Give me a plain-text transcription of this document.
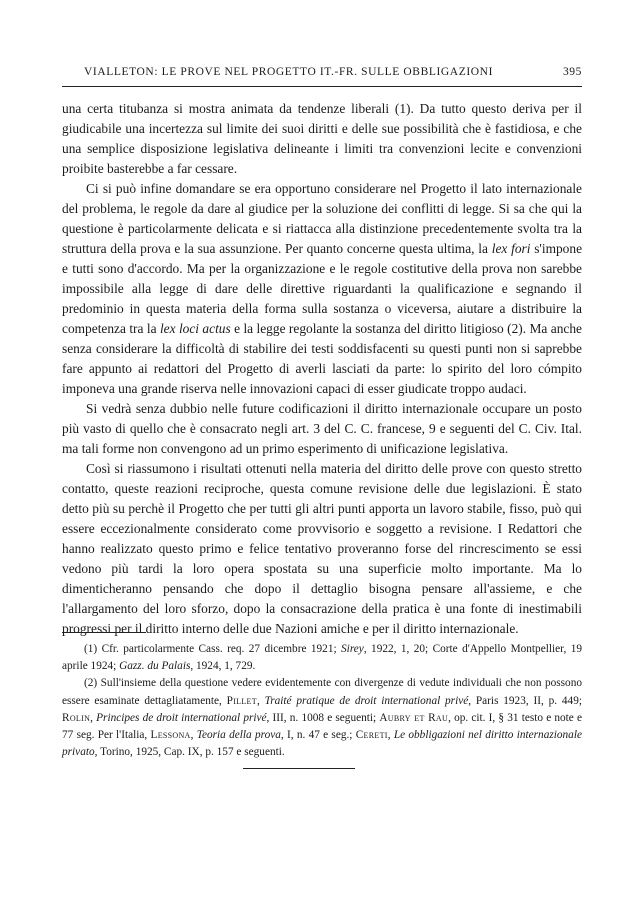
VIALLETON: LE PROVE NEL PROGETTO IT.-FR. SULLE OBBLIGAZIONI	395

una certa titubanza si mostra animata da tendenze liberali (1). Da tutto questo deriva per il giudicabile una incertezza sul limite dei suoi diritti e delle sue possibilità che è fastidiosa, e che una semplice disposizione legislativa delineante i limiti tra convenzioni lecite e convenzioni proibite basterebbe a far cessare.

Ci si può infine domandare se era opportuno considerare nel Progetto il lato internazionale del problema, le regole da dare al giudice per la soluzione dei conflitti di legge. Si sa che qui la questione è particolarmente delicata e si riattacca alla distinzione precedentemente svolta tra la struttura della prova e la sua assunzione. Per quanto concerne questa ultima, la lex fori s'impone e tutti sono d'accordo. Ma per la organizzazione e le regole costitutive della prova non sarebbe impossibile alla legge di dare delle direttive riguardanti la qualificazione e segnando il predominio in questa materia della forma sulla sostanza o viceversa, aiutare a distribuire la competenza tra la lex loci actus e la legge regolante la sostanza del diritto litigioso (2). Ma anche senza considerare la difficoltà di stabilire dei testi soddisfacenti su questi punti non si saprebbe fare appunto ai redattori del Progetto di averli lasciati da parte: lo spirito del loro cómpito imponeva una grande riserva nelle innovazioni capaci di esser giudicate troppo audaci.

Si vedrà senza dubbio nelle future codificazioni il diritto internazionale occupare un posto più vasto di quello che è consacrato negli art. 3 del C. C. francese, 9 e seguenti del C. Civ. Ital. ma tali forme non convengono ad un primo esperimento di unificazione legislativa.

Così si riassumono i risultati ottenuti nella materia del diritto delle prove con questo stretto contatto, queste reazioni reciproche, questa comune revisione delle due legislazioni. È stato detto più su perchè il Progetto che per tutti gli altri punti apporta un lavoro stabile, fisso, può qui essere eccezionalmente considerato come provvisorio e soggetto a revisione. I Redattori che hanno realizzato questo primo e felice tentativo proveranno forse del rincrescimento se essi vedono più tardi la loro opera spostata su una superficie molto importante. Ma lo dimenticheranno pensando che dopo il dettaglio bisogna pensare all'assieme, e che l'allargamento del loro sforzo, dopo la consacrazione della pratica è una fonte di inestimabili progressi per il diritto interno delle due Nazioni amiche e per il diritto internazionale.

(1) Cfr. particolarmente Cass. req. 27 dicembre 1921; Sirey, 1922, 1, 20; Corte d'Appello Montpellier, 19 aprile 1924; Gazz. du Palais, 1924, 1, 729.

(2) Sull'insieme della questione vedere evidentemente con divergenze di vedute individuali che non possono essere esaminate dettagliatamente, Pillet, Traité pratique de droit international privé, Paris 1923, II, p. 449; Rolin, Principes de droit international privé, III, n. 1008 e seguenti; Aubry et Rau, op. cit. I, § 31 testo e note e 77 seg. Per l'Italia, Lessona, Teoria della prova, I, n. 47 e seg.; Cereti, Le obbligazioni nel diritto internazionale privato, Torino, 1925, Cap. IX, p. 157 e seguenti.
